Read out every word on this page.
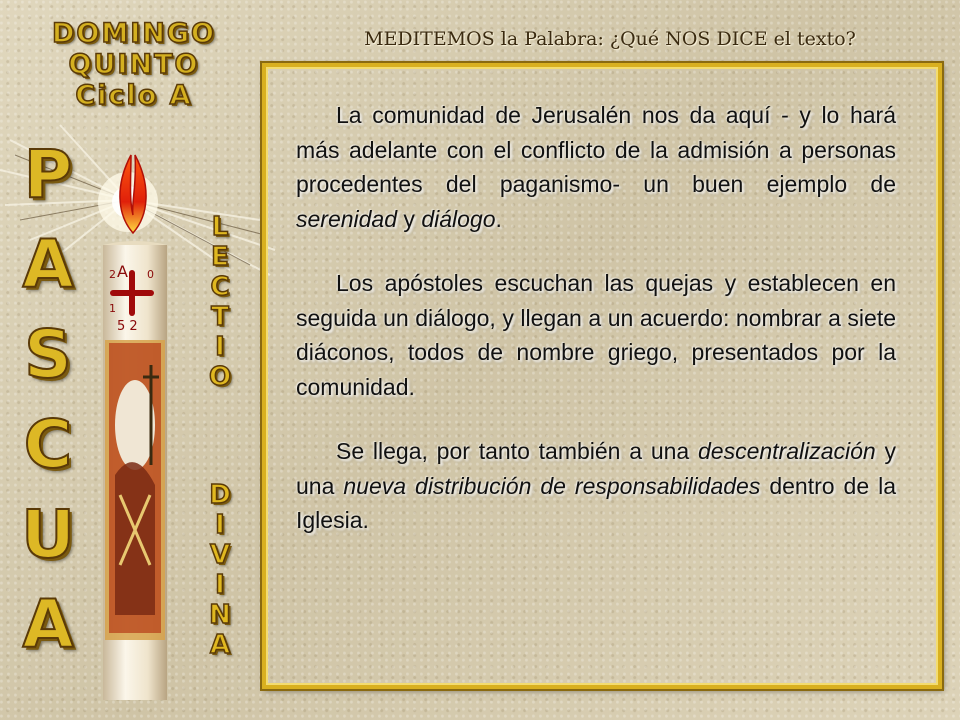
MEDITEMOS la Palabra: ¿Qué NOS DICE el texto?
DOMINGO
QUINTO
Ciclo A
A
2	0
1
5 2
P
A
S
C
U
A
L
E
C
T
I
O
D
I
V
I
N
A

La comunidad de Jerusalén nos da aquí - y lo hará más adelante con el conflicto de la admisión a personas procedentes del paganismo- un buen ejemplo de serenidad y diálogo.

Los apóstoles escuchan las quejas y establecen en seguida un diálogo, y llegan a un acuerdo: nombrar a siete diáconos, todos de nombre griego, presentados por la comunidad.

Se llega, por tanto también a una descentralización y una nueva distribución de responsabilidades dentro de la Iglesia.
